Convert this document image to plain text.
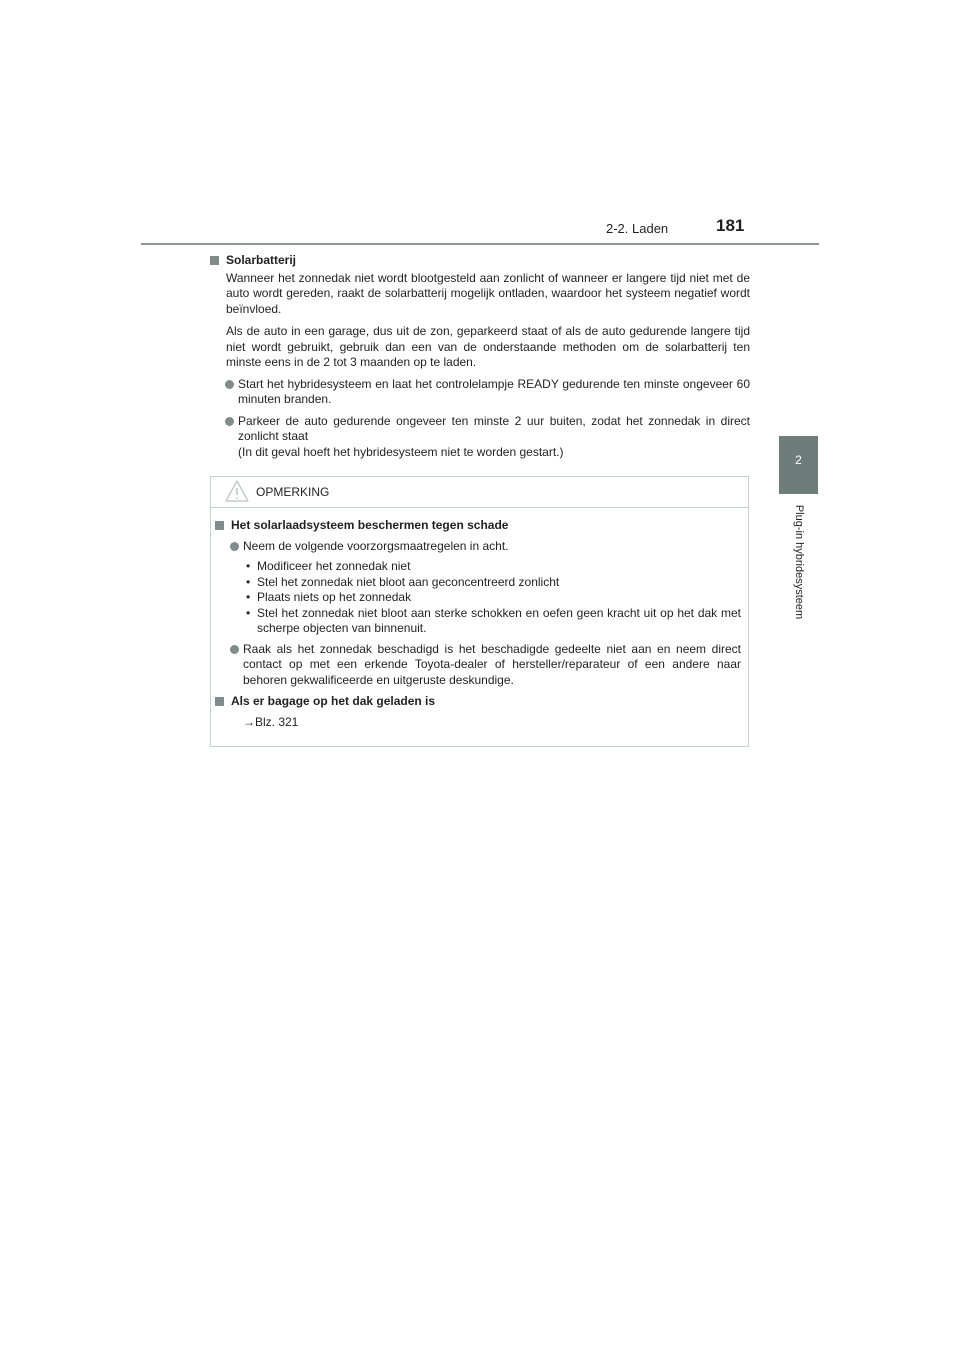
2-2. Laden	181
2
Plug-in hybridesysteem
Solarbatterij
Wanneer het zonnedak niet wordt blootgesteld aan zonlicht of wanneer er langere tijd niet met de auto wordt gereden, raakt de solarbatterij mogelijk ontladen, waardoor het systeem negatief wordt beïnvloed.
Als de auto in een garage, dus uit de zon, geparkeerd staat of als de auto gedurende langere tijd niet wordt gebruikt, gebruik dan een van de onderstaande methoden om de solarbatterij ten minste eens in de 2 tot 3 maanden op te laden.
Start het hybridesysteem en laat het controlelampje READY gedurende ten minste ongeveer 60 minuten branden.
Parkeer de auto gedurende ongeveer ten minste 2 uur buiten, zodat het zonnedak in direct zonlicht staat
(In dit geval hoeft het hybridesysteem niet te worden gestart.)
OPMERKING
Het solarlaadsysteem beschermen tegen schade
Neem de volgende voorzorgsmaatregelen in acht.
• Modificeer het zonnedak niet
• Stel het zonnedak niet bloot aan geconcentreerd zonlicht
• Plaats niets op het zonnedak
• Stel het zonnedak niet bloot aan sterke schokken en oefen geen kracht uit op het dak met scherpe objecten van binnenuit.
Raak als het zonnedak beschadigd is het beschadigde gedeelte niet aan en neem direct contact op met een erkende Toyota-dealer of hersteller/reparateur of een andere naar behoren gekwalificeerde en uitgeruste deskundige.
Als er bagage op het dak geladen is
→Blz. 321
